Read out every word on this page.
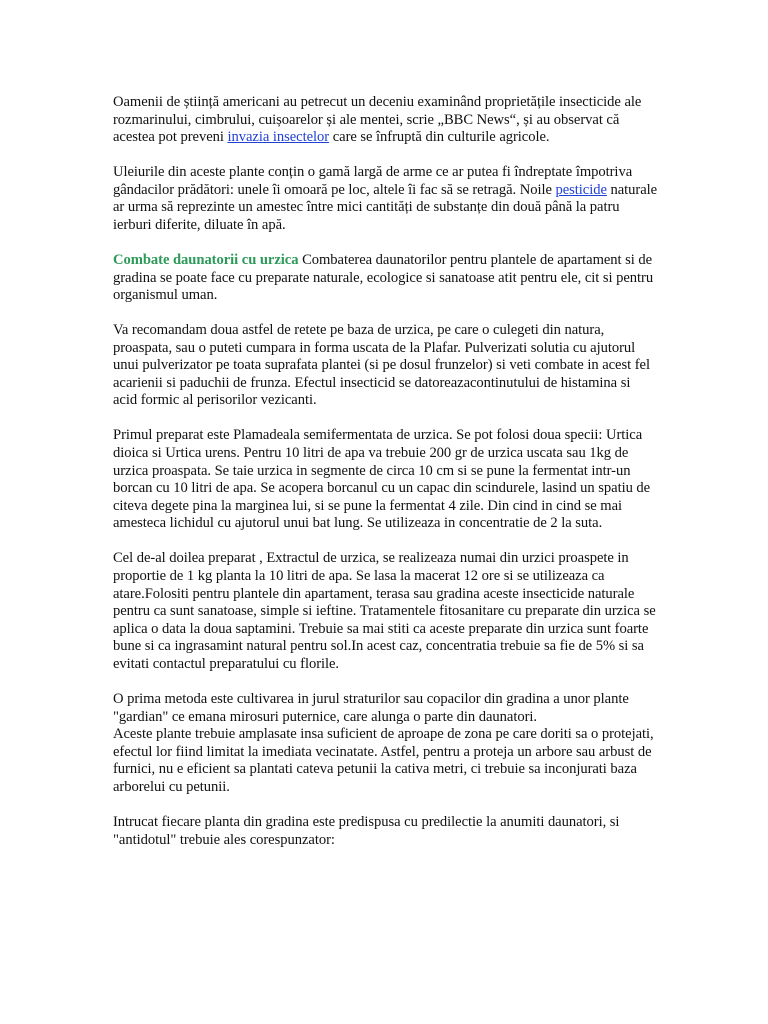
Oamenii de știință americani au petrecut un deceniu examinând proprietățile insecticide ale rozmarinului, cimbrului, cuișoarelor și ale mentei, scrie „BBC News“, și au observat că acestea pot preveni invazia insectelor care se înfruptă din culturile agricole.

Uleiurile din aceste plante conțin o gamă largă de arme ce ar putea fi îndreptate împotriva gândacilor prădători: unele îi omoară pe loc, altele îi fac să se retragă. Noile pesticide naturale ar urma să reprezinte un amestec între mici cantități de substanțe din două până la patru ierburi diferite, diluate în apă.

Combate daunatorii cu urzica Combaterea daunatorilor pentru plantele de apartament si de gradina se poate face cu preparate naturale, ecologice si sanatoase atit pentru ele, cit si pentru organismul uman.

Va recomandam doua astfel de retete pe baza de urzica, pe care o culegeti din natura, proaspata, sau o puteti cumpara in forma uscata de la Plafar. Pulverizati solutia cu ajutorul unui pulverizator pe toata suprafata plantei (si pe dosul frunzelor) si veti combate in acest fel acarienii si paduchii de frunza. Efectul insecticid se datoreazacontinutului de histamina si acid formic al perisorilor vezicanti.

Primul preparat este Plamadeala semifermentata de urzica. Se pot folosi doua specii: Urtica dioica si Urtica urens. Pentru 10 litri de apa va trebuie 200 gr de urzica uscata sau 1kg de urzica proaspata. Se taie urzica in segmente de circa 10 cm si se pune la fermentat intr-un borcan cu 10 litri de apa. Se acopera borcanul cu un capac din scindurele, lasind un spatiu de citeva degete pina la marginea lui, si se pune la fermentat 4 zile. Din cind in cind se mai amesteca lichidul cu ajutorul unui bat lung. Se utilizeaza in concentratie de 2 la suta.

Cel de-al doilea preparat , Extractul de urzica, se realizeaza numai din urzici proaspete in proportie de 1 kg planta la 10 litri de apa. Se lasa la macerat 12 ore si se utilizeaza ca atare.Folositi pentru plantele din apartament, terasa sau gradina aceste insecticide naturale pentru ca sunt sanatoase, simple si ieftine. Tratamentele fitosanitare cu preparate din urzica se aplica o data la doua saptamini. Trebuie sa mai stiti ca aceste preparate din urzica sunt foarte bune si ca ingrasamint natural pentru sol.In acest caz, concentratia trebuie sa fie de 5% si sa evitati contactul preparatului cu florile.

O prima metoda este cultivarea in jurul straturilor sau copacilor din gradina a unor plante "gardian" ce emana mirosuri puternice, care alunga o parte din daunatori.
Aceste plante trebuie amplasate insa suficient de aproape de zona pe care doriti sa o protejati, efectul lor fiind limitat la imediata vecinatate. Astfel, pentru a proteja un arbore sau arbust de furnici, nu e eficient sa plantati cateva petunii la cativa metri, ci trebuie sa inconjurati baza arborelui cu petunii.

Intrucat fiecare planta din gradina este predispusa cu predilectie la anumiti daunatori, si "antidotul" trebuie ales corespunzator:
